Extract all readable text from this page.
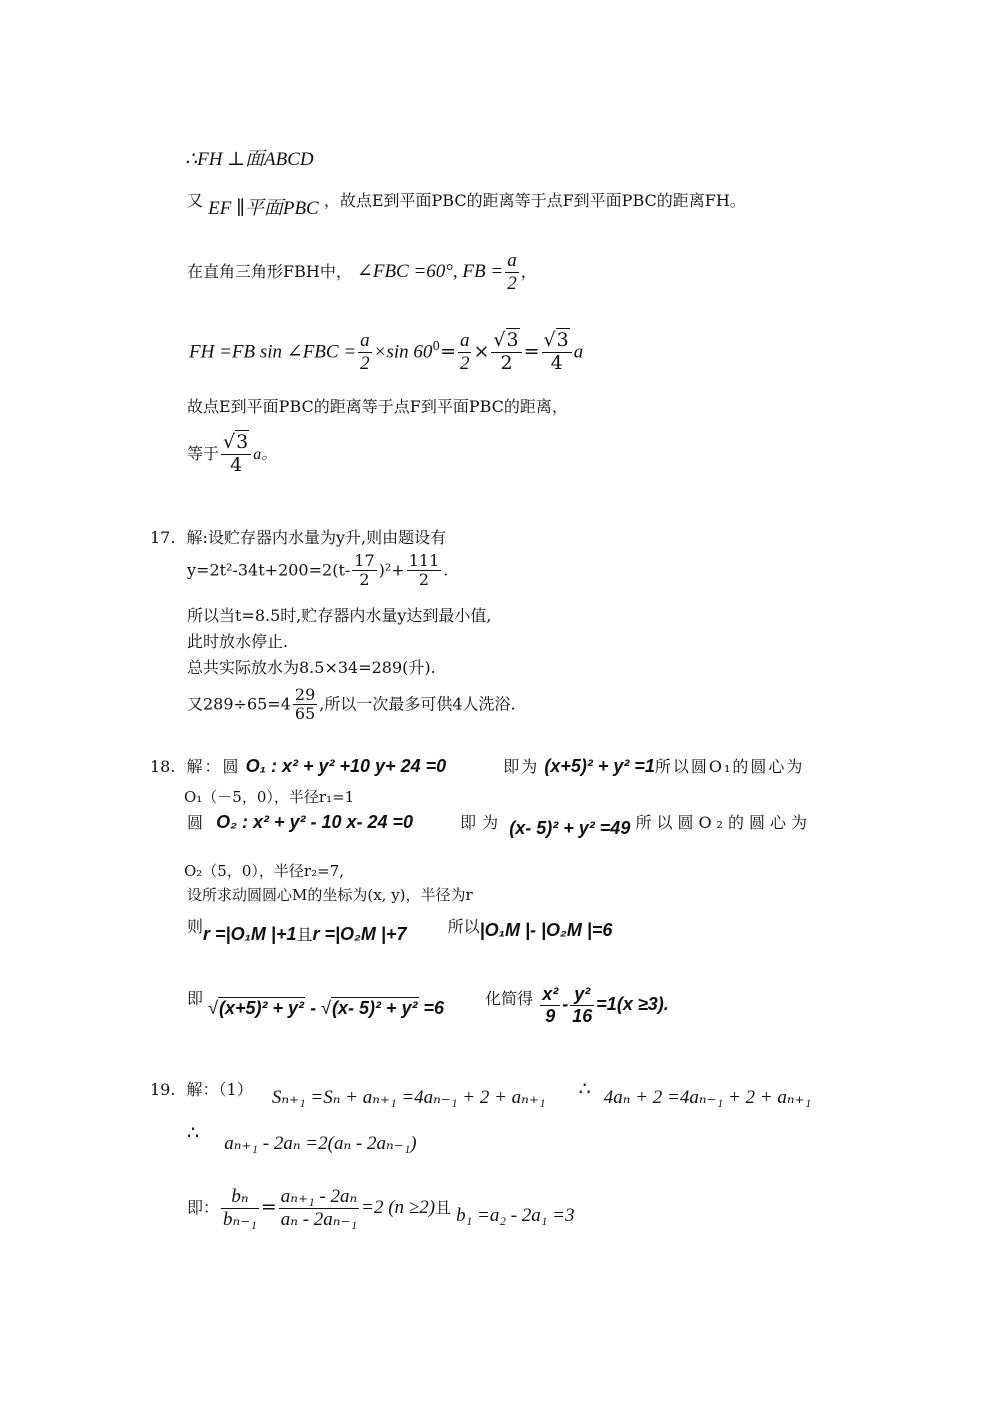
∴FH ⊥面ABCD
又 EF ∥平面PBC ，故点E到平面PBC的距离等于点F到平面PBC的距离FH。
在直角三角形FBH中， ∠FBC =60°, FB = $\frac{a}{2}$ ，
FH =FB sin ∠FBC = $\frac{a}{2} \times\sin$ $60^0= \frac{a}{2} \times \frac{√3}{2} = \frac{√3}{4}$ a
故点E到平面PBC的距离等于点F到平面PBC的距离，
等于 $\frac{√3}{4}$ a。
17. 解:设贮存器内水量为y升,则由题设有
$y=2t^2-34t+200=2(t- \frac{17}{2} )^2+ \frac{111}{2}$ .
所以当t=8.5时,贮存器内水量y达到最小值,
此时放水停止.
总共实际放水为8.5×34=289(升).
又$289\div 65=4 \frac{29}{65}$ ,所以一次最多可供4人洗浴.
18. 解：圆 O₁ : x² + y² +10 y+ 24 =0	即为 (x+5)² + y² =1所以圆O₁的圆心为
O₁（－5，0），半径r₁=1
圆 O₂ : x² + y² - 10 x- 24 =0	即为 (x- 5)² + y² =49 所以圆O₂的圆心为
O₂（5，0），半径r₂=7,
设所求动圆圆心M的坐标为(x, y)，半径为r
则r =|O₁M |+1且r =|O₂M |+7	所以|O₁M |- |O₂M |=6
即 √(x+5)² + y² - √(x- 5)² + y² =6	化简得 $\frac{\text{x²}}{9} - \frac{\text{y²}}{16} =1(x \ge 3)$.
19. 解：（1） Sₙ₊₁ =Sₙ + aₙ₊₁ =4aₙ₋₁ + 2 + aₙ₊₁ ∴ 4aₙ + 2 =4aₙ₋₁ + 2 + aₙ₊₁
∴ aₙ₊₁ - 2aₙ =2(aₙ - 2aₙ₋₁)
即： $\frac{\text{bₙ}}{\text{bₙ₋₁}} = \frac{\text{aₙ₊₁ - 2aₙ}}{\text{aₙ - 2aₙ₋₁}} =2$ (n ≥2)且 b₁ =a₂ - 2a₁ =3
